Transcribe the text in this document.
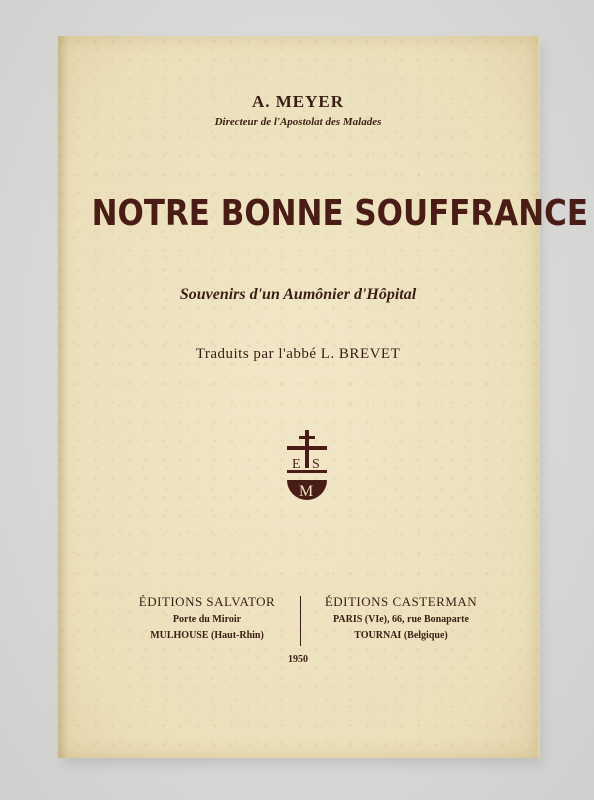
A. MEYER
Directeur de l'Apostolat des Malades
NOTRE BONNE SOUFFRANCE
Souvenirs d'un Aumônier d'Hôpital
Traduits par l'abbé L. BREVET
E S
M
ÉDITIONS SALVATOR
Porte du Miroir
MULHOUSE (Haut-Rhin)
ÉDITIONS CASTERMAN
PARIS (VIe), 66, rue Bonaparte
TOURNAI (Belgique)
1950
